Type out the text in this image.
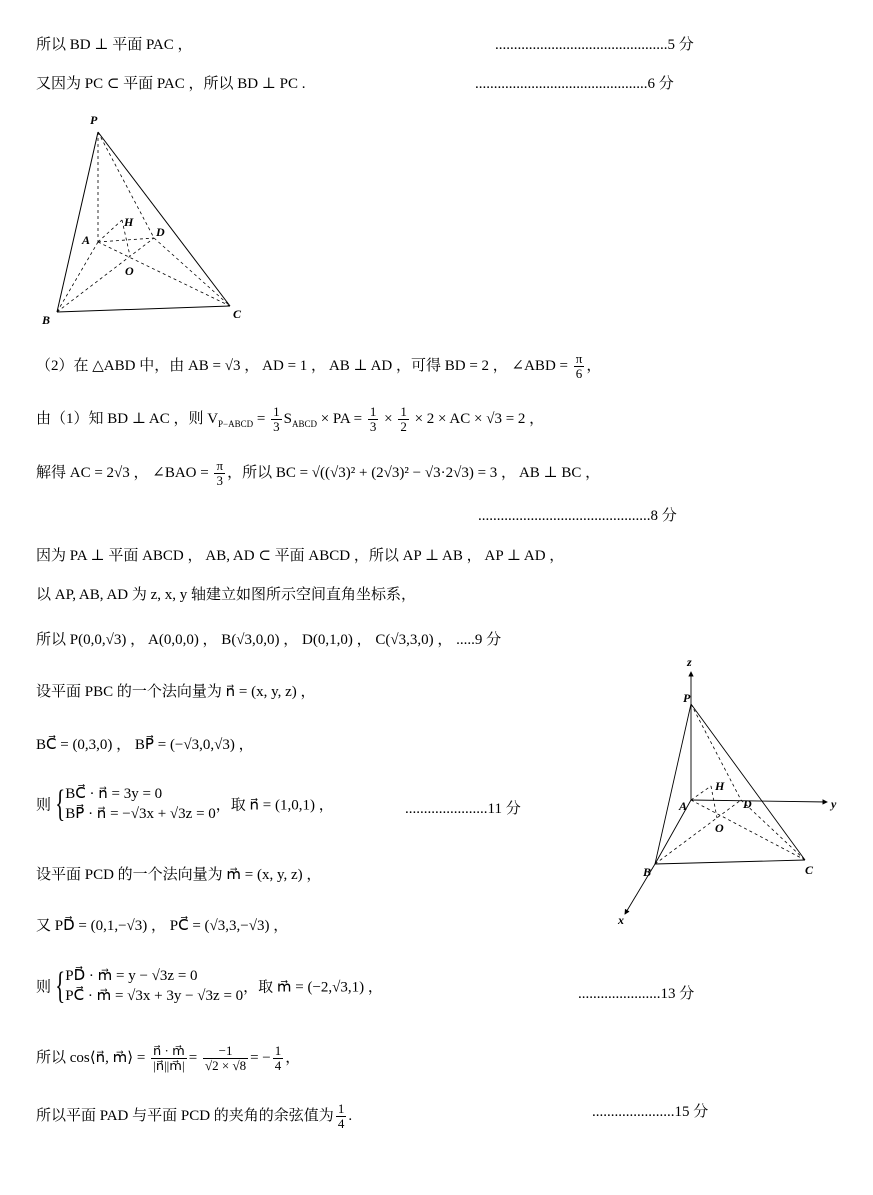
所以 BD ⊥ 平面 PAC ，	..............................................5 分
又因为 PC ⊂ 平面 PAC ，所以 BD ⊥ PC .	..............................................6 分
P
A
H
D
O
B	C
（2）在 △ABD 中，由 AB = √3 ， AD = 1 ， AB ⊥ AD ，可得 BD = 2 ， ∠ABD = $\frac{\pi}{6}$ ，
由（1）知 BD ⊥ AC ，则 $V_{P-ABCD} = \frac{1}{3} S_{ABCD}$ × PA = $\frac{1}{3} \times \frac{1}{2} \times 2$ × AC × √3 = 2 ，
解得 AC = 2√3 ， ∠BAO = $\frac{\pi}{3}$ ，所以 BC = √((√3)² + (2√3)² − √3·2√3) = 3 ， AB ⊥ BC ，
..............................................8 分
因为 PA ⊥ 平面 ABCD ， AB, AD ⊂ 平面 ABCD ，所以 AP ⊥ AB ， AP ⊥ AD ，
以 AP, AB, AD 为 z, x, y 轴建立如图所示空间直角坐标系，
所以 P(0,0,√3) ， A(0,0,0) ， B(√3,0,0) ， D(0,1,0) ， C(√3,3,0) ， .....9 分
设平面 PBC 的一个法向量为 n⃗ = (x, y, z) ，
BC⃗ = (0,3,0) ， BP⃗ = (−√3,0,√3) ，
则 { BC⃗ · n⃗ = 3y = 0
BP⃗ · n⃗ = −√3x + √3z = 0
，取 n⃗ = (1,0,1) ，	......................11 分
设平面 PCD 的一个法向量为 m⃗ = (x, y, z) ，
又 PD⃗ = (0,1,−√3) ， PC⃗ = (√3,3,−√3) ，
则 { PD⃗ · m⃗ = y − √3z = 0
PC⃗ · m⃗ = √3x + 3y − √3z = 0
，取 m⃗ = (−2,√3,1) ，	......................13 分
所以 cos⟨n⃗, m⃗⟩ = $\frac{n⃗ \cdot m⃗}{|n⃗||m⃗|} = \frac{-1}{√2 \times √8}$ = − $\frac{1}{4}$ ，
所以平面 PAD 与平面 PCD 的夹角的余弦值为 $\frac{1}{4}$ .	......................15 分
z
P
A
H
D	y
O
B	C
x
